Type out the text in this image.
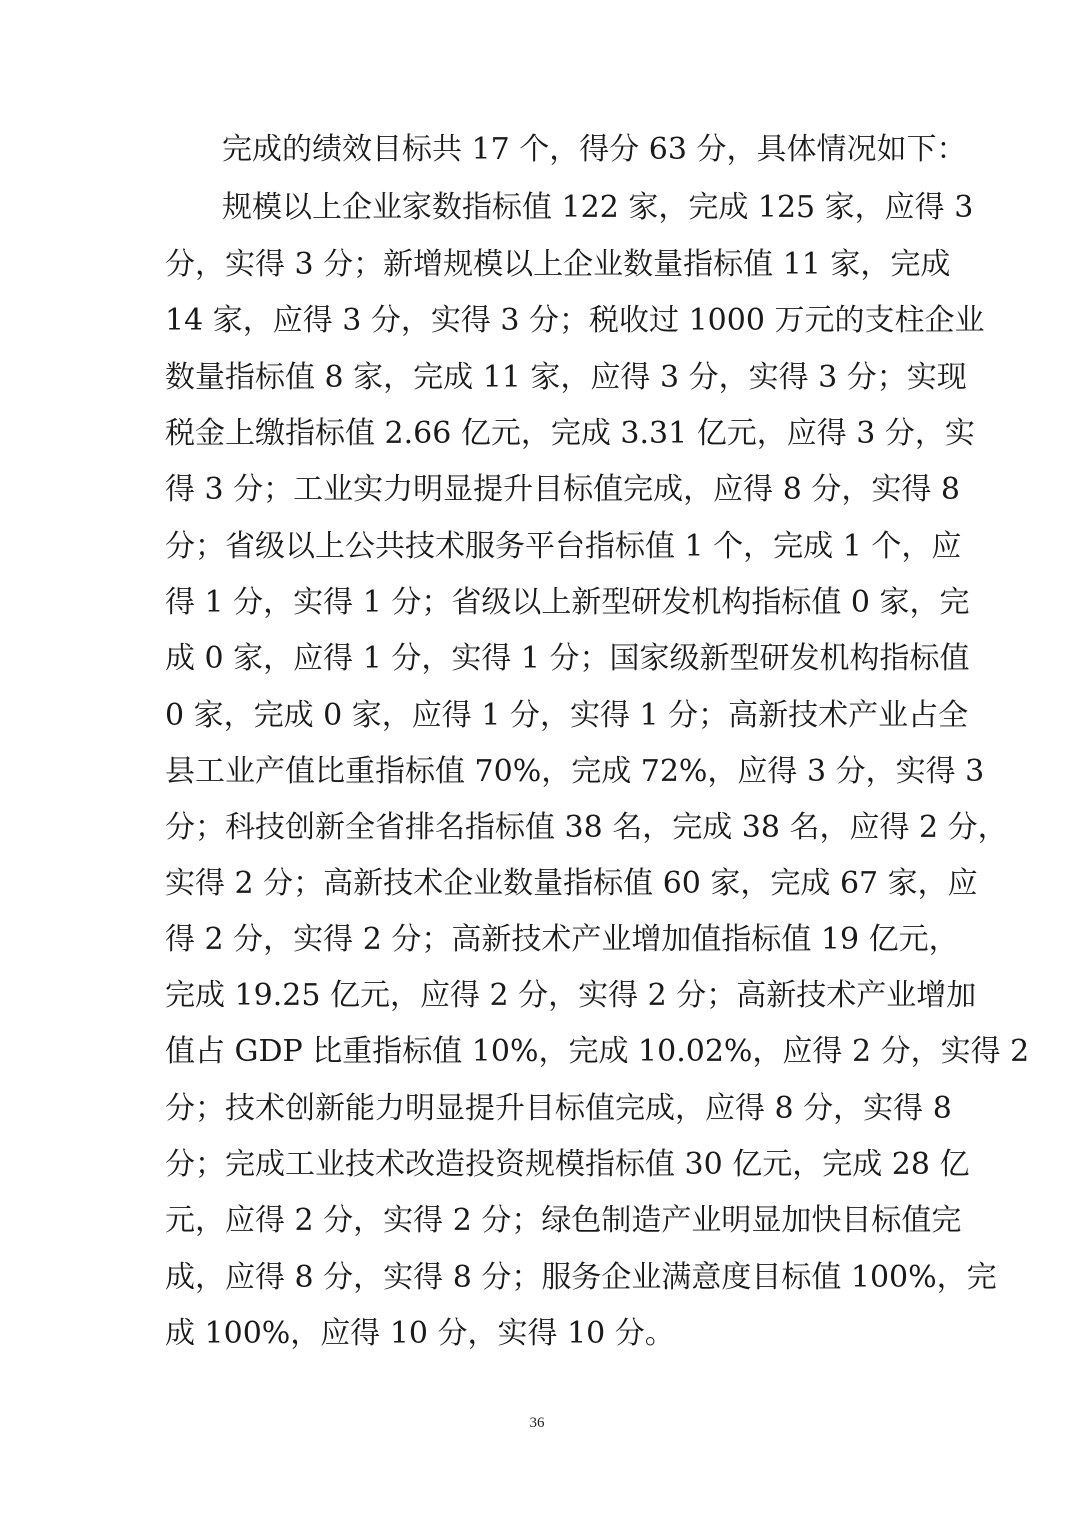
完成的绩效目标共 17 个，得分 63 分，具体情况如下：
规模以上企业家数指标值 122 家，完成 125 家，应得 3
分，实得 3 分；新增规模以上企业数量指标值 11 家，完成
14 家，应得 3 分，实得 3 分；税收过 1000 万元的支柱企业
数量指标值 8 家，完成 11 家，应得 3 分，实得 3 分；实现
税金上缴指标值 2.66 亿元，完成 3.31 亿元，应得 3 分，实
得 3 分；工业实力明显提升目标值完成，应得 8 分，实得 8
分；省级以上公共技术服务平台指标值 1 个，完成 1 个，应
得 1 分，实得 1 分；省级以上新型研发机构指标值 0 家，完
成 0 家，应得 1 分，实得 1 分；国家级新型研发机构指标值
0 家，完成 0 家，应得 1 分，实得 1 分；高新技术产业占全
县工业产值比重指标值 70%，完成 72%，应得 3 分，实得 3
分；科技创新全省排名指标值 38 名，完成 38 名，应得 2 分，
实得 2 分；高新技术企业数量指标值 60 家，完成 67 家，应
得 2 分，实得 2 分；高新技术产业增加值指标值 19 亿元，
完成 19.25 亿元，应得 2 分，实得 2 分；高新技术产业增加
值占 GDP 比重指标值 10%，完成 10.02%，应得 2 分，实得 2
分；技术创新能力明显提升目标值完成，应得 8 分，实得 8
分；完成工业技术改造投资规模指标值 30 亿元，完成 28 亿
元，应得 2 分，实得 2 分；绿色制造产业明显加快目标值完
成，应得 8 分，实得 8 分；服务企业满意度目标值 100%，完
成 100%，应得 10 分，实得 10 分。
36
